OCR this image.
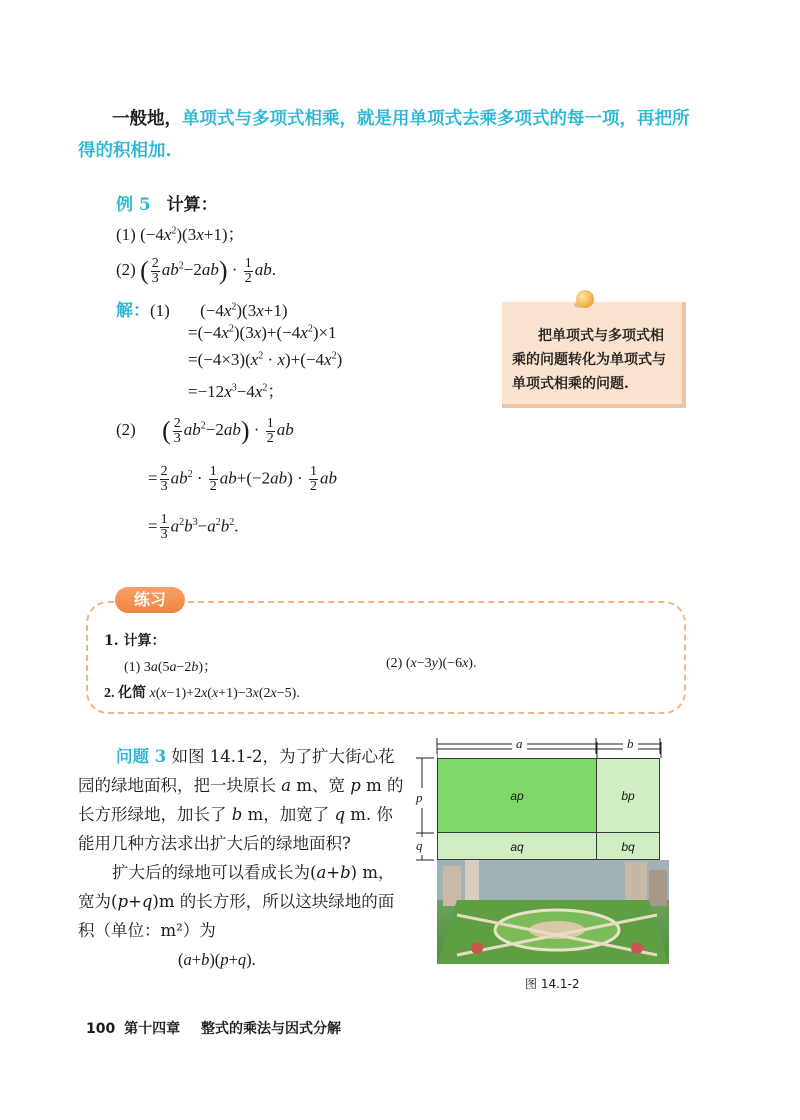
一般地，单项式与多项式相乘，就是用单项式去乘多项式的每一项，再把所得的积相加.
例 5 计算：
(1) $(-4x^2)(3x+1)$；
(2) ( $\frac{2}{3} ab^2-2ab) \cdot \frac{1}{2}$ ab.
解：(1) $(-4x^2)(3x+1)$
$=(-4x^2)(3x)+(-4x^2)\times 1$
$=(-4\times 3)(x^2 \cdot x)+(-4x^2)$
$=-12x^3-4x^2$；
把单项式与多项式相乘的问题转化为单项式与单项式相乘的问题.
(2) ( $\frac{2}{3} ab^2-2ab) \cdot \frac{1}{2}$ ab
= $\frac{2}{3} ab^2 \cdot \frac{1}{2} ab+(-2ab) \cdot \frac{1}{2}$ ab
= $\frac{1}{3} a^2b^3-a^2b^2$.
练习
1. 计算：
(1) 3a(5a−2b)；	(2) (x−3y)(−6x).
2. 化简 x(x−1)+2x(x+1)−3x(2x−5).
问题 3 如图 14.1-2，为了扩大街心花园的绿地面积，把一块原长 a m、宽 p m 的长方形绿地，加长了 b m，加宽了 q m. 你能用几种方法求出扩大后的绿地面积?
扩大后的绿地可以看成长为(a+b) m，宽为(p+q)m 的长方形，所以这块绿地的面积（单位：m²）为
(a+b)(p+q).
ap	bp
aq	bq
a	b
p
q
图 14.1-2
100 第十四章 整式的乘法与因式分解
